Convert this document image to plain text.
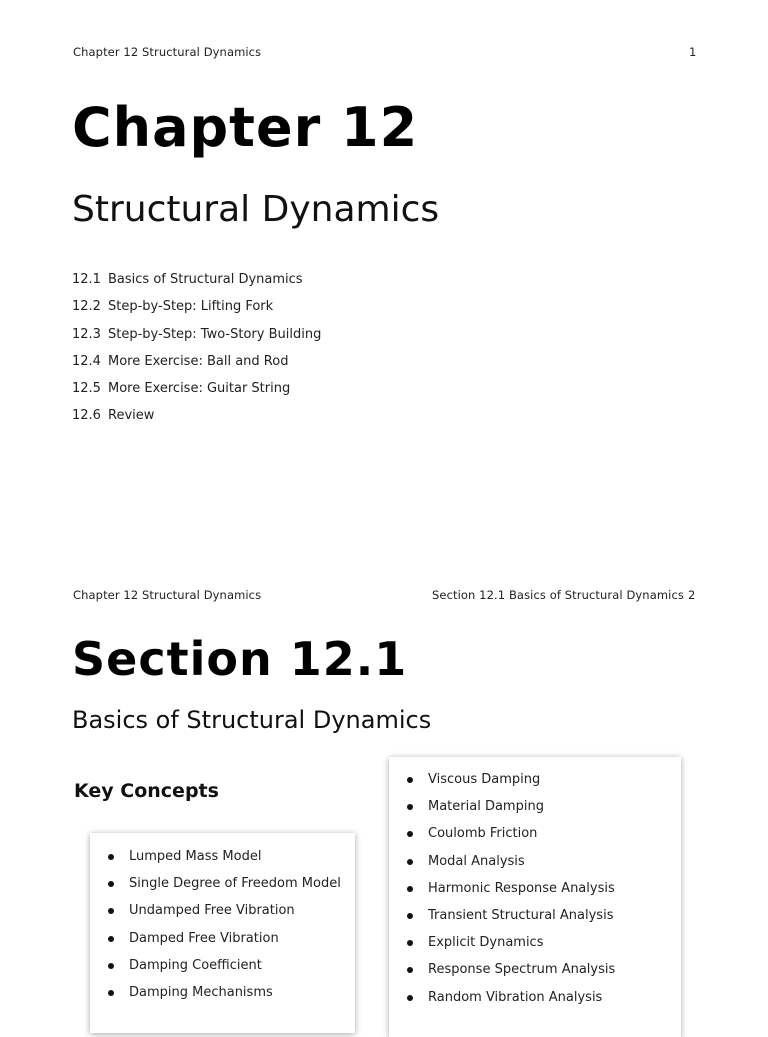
Chapter 12 Structural Dynamics	1
Chapter 12
Structural Dynamics
12.1 Basics of Structural Dynamics
12.2 Step-by-Step: Lifting Fork
12.3 Step-by-Step: Two-Story Building
12.4 More Exercise: Ball and Rod
12.5 More Exercise: Guitar String
12.6 Review
Chapter 12 Structural Dynamics	Section 12.1 Basics of Structural Dynamics 2
Section 12.1
Basics of Structural Dynamics
Key Concepts
Lumped Mass Model
Single Degree of Freedom Model
Undamped Free Vibration
Damped Free Vibration
Damping Coefficient
Damping Mechanisms
Viscous Damping
Material Damping
Coulomb Friction
Modal Analysis
Harmonic Response Analysis
Transient Structural Analysis
Explicit Dynamics
Response Spectrum Analysis
Random Vibration Analysis
